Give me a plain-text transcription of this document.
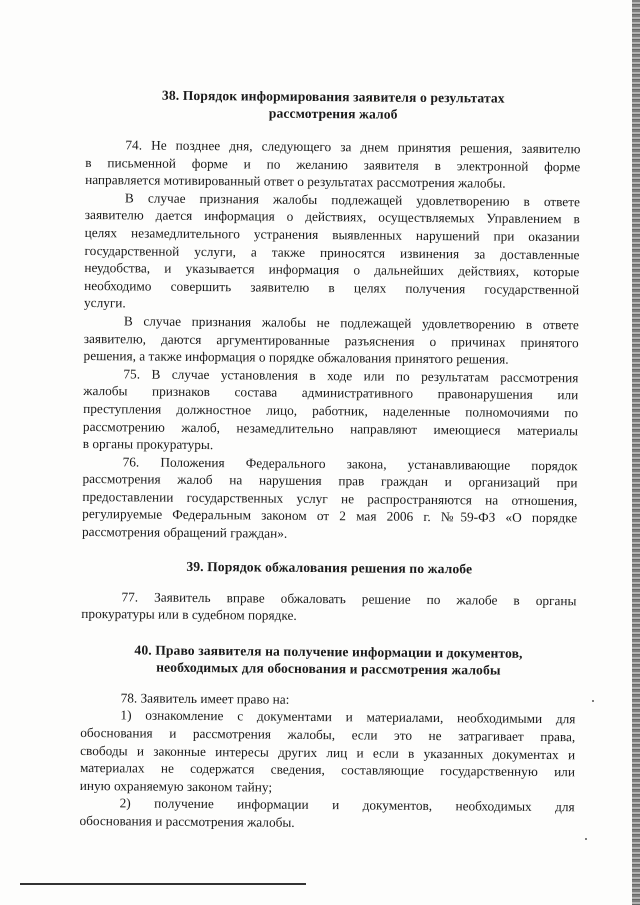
38. Порядок информирования заявителя о результатах
рассмотрения жалоб
74. Не позднее дня, следующего за днем принятия решения, заявителю
в письменной форме и по желанию заявителя в электронной форме
направляется мотивированный ответ о результатах рассмотрения жалобы.
В случае признания жалобы подлежащей удовлетворению в ответе
заявителю дается информация о действиях, осуществляемых Управлением в
целях незамедлительного устранения выявленных нарушений при оказании
государственной услуги, а также приносятся извинения за доставленные
неудобства, и указывается информация о дальнейших действиях, которые
необходимо совершить заявителю в целях получения государственной
услуги.
В случае признания жалобы не подлежащей удовлетворению в ответе
заявителю, даются аргументированные разъяснения о причинах принятого
решения, а также информация о порядке обжалования принятого решения.
75. В случае установления в ходе или по результатам рассмотрения
жалобы признаков состава административного правонарушения или
преступления должностное лицо, работник, наделенные полномочиями по
рассмотрению жалоб, незамедлительно направляют имеющиеся материалы
в органы прокуратуры.
76. Положения Федерального закона, устанавливающие порядок
рассмотрения жалоб на нарушения прав граждан и организаций при
предоставлении государственных услуг не распространяются на отношения,
регулируемые Федеральным законом от 2 мая 2006 г. №59-ФЗ «О порядке
рассмотрения обращений граждан».
39. Порядок обжалования решения по жалобе
77. Заявитель вправе обжаловать решение по жалобе в органы
прокуратуры или в судебном порядке.
40. Право заявителя на получение информации и документов,
необходимых для обоснования и рассмотрения жалобы
78. Заявитель имеет право на:
1) ознакомление с документами и материалами, необходимыми для
обоснования и рассмотрения жалобы, если это не затрагивает права,
свободы и законные интересы других лиц и если в указанных документах и
материалах не содержатся сведения, составляющие государственную или
иную охраняемую законом тайну;
2) получение информации и документов, необходимых для
обоснования и рассмотрения жалобы.
